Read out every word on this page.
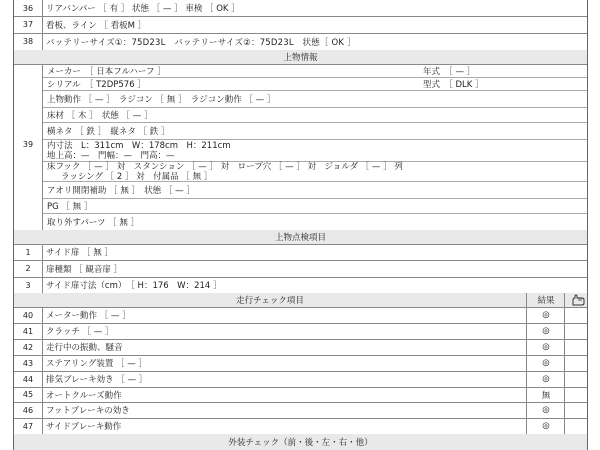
36	リアバンパー ［ 有 ］ 状態 ［ — ］ 車検 ［ OK ］
37	看板、ライン ［ 看板M ］
38	バッテリーサイズ①：75D23L　バッテリーサイズ②：75D23L　状態［ OK ］
上物情報
39
メーカー　［ 日本フルハーフ ］	年式　［ — ］
シリアル　［ T2DP576 ］	型式　［ DLK ］
上物動作 ［ — ］　ラジコン ［ 無 ］　ラジコン動作 ［ — ］
床材 ［ 木 ］　状態 ［ — ］
横ネタ ［ 鉄 ］　縦ネタ ［ 鉄 ］
内寸法　L：311cm　W：178cm　H：211cm
地上高：—　門幅：—　門高：—
床フック ［ — ］ 対　スタンション ［ — ］ 対　ロープ穴 ［ — ］ 対　ジョルダ ［ — ］ 列
ラッシング ［ 2 ］ 対　付属品 ［ 無 ］
アオリ開閉補助 ［ 無 ］　状態 ［ — ］
PG ［ 無 ］
取り外すパーツ ［ 無 ］
上物点検項目
1	サイド扉 ［ 無 ］
2	扉種類 ［ 観音扉 ］
3	サイド扉寸法（cm）　［ H：176　W：214 ］
走行チェック項目	結果
40	メーター動作 ［ — ］	◎
41	クラッチ ［ — ］	◎
42	走行中の振動、騒音	◎
43	ステアリング装置 ［ — ］	◎
44	排気ブレーキ効き ［ — ］	◎
45	オートクルーズ動作	無
46	フットブレーキの効き	◎
47	サイドブレーキ動作	◎
外装チェック（前・後・左・右・他）
